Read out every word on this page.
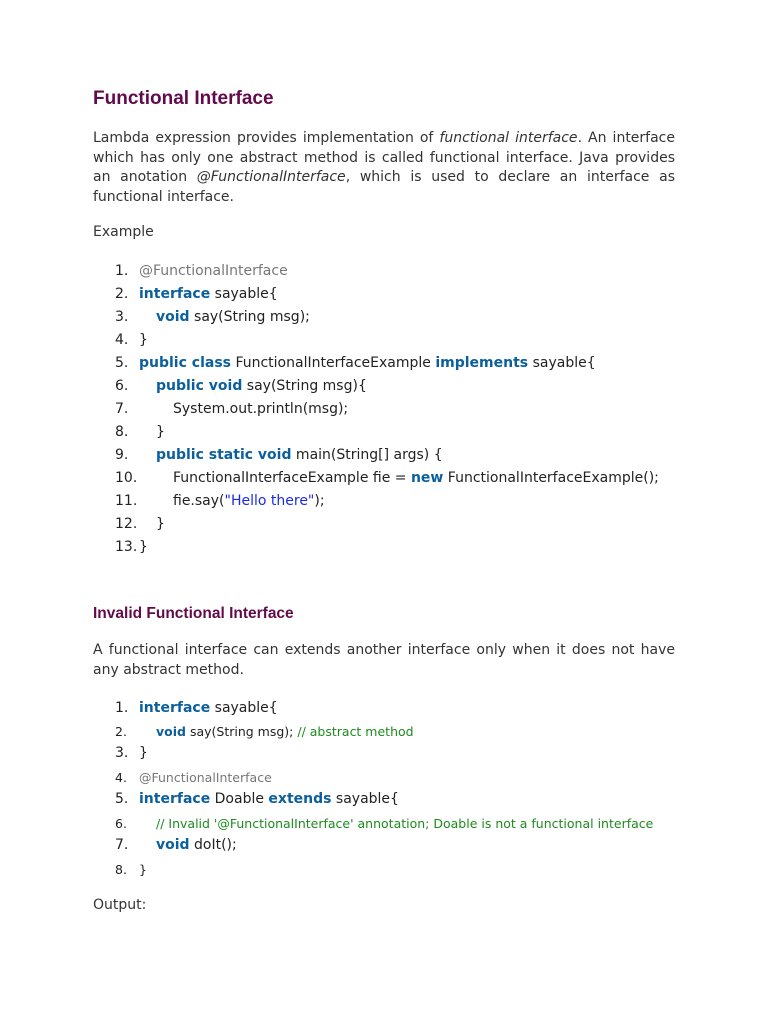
Functional Interface
Lambda expression provides implementation of functional interface. An interface which has only one abstract method is called functional interface. Java provides an anotation @FunctionalInterface, which is used to declare an interface as functional interface.
Example
1. @FunctionalInterface
2. interface sayable{
3.	void say(String msg);
4. }
5. public class FunctionalInterfaceExample implements sayable{
6.	public void say(String msg){
7.	System.out.println(msg);
8.	}
9.	public static void main(String[] args) {
10.	FunctionalInterfaceExample fie = new FunctionalInterfaceExample();
11.	fie.say("Hello there");
12.	}
13. }
Invalid Functional Interface
A functional interface can extends another interface only when it does not have any abstract method.
1. interface sayable{
2.	void say(String msg); // abstract method
3. }
4. @FunctionalInterface
5. interface Doable extends sayable{
6.	// Invalid '@FunctionalInterface' annotation; Doable is not a functional interface
7.	void doIt();
8. }
Output:
